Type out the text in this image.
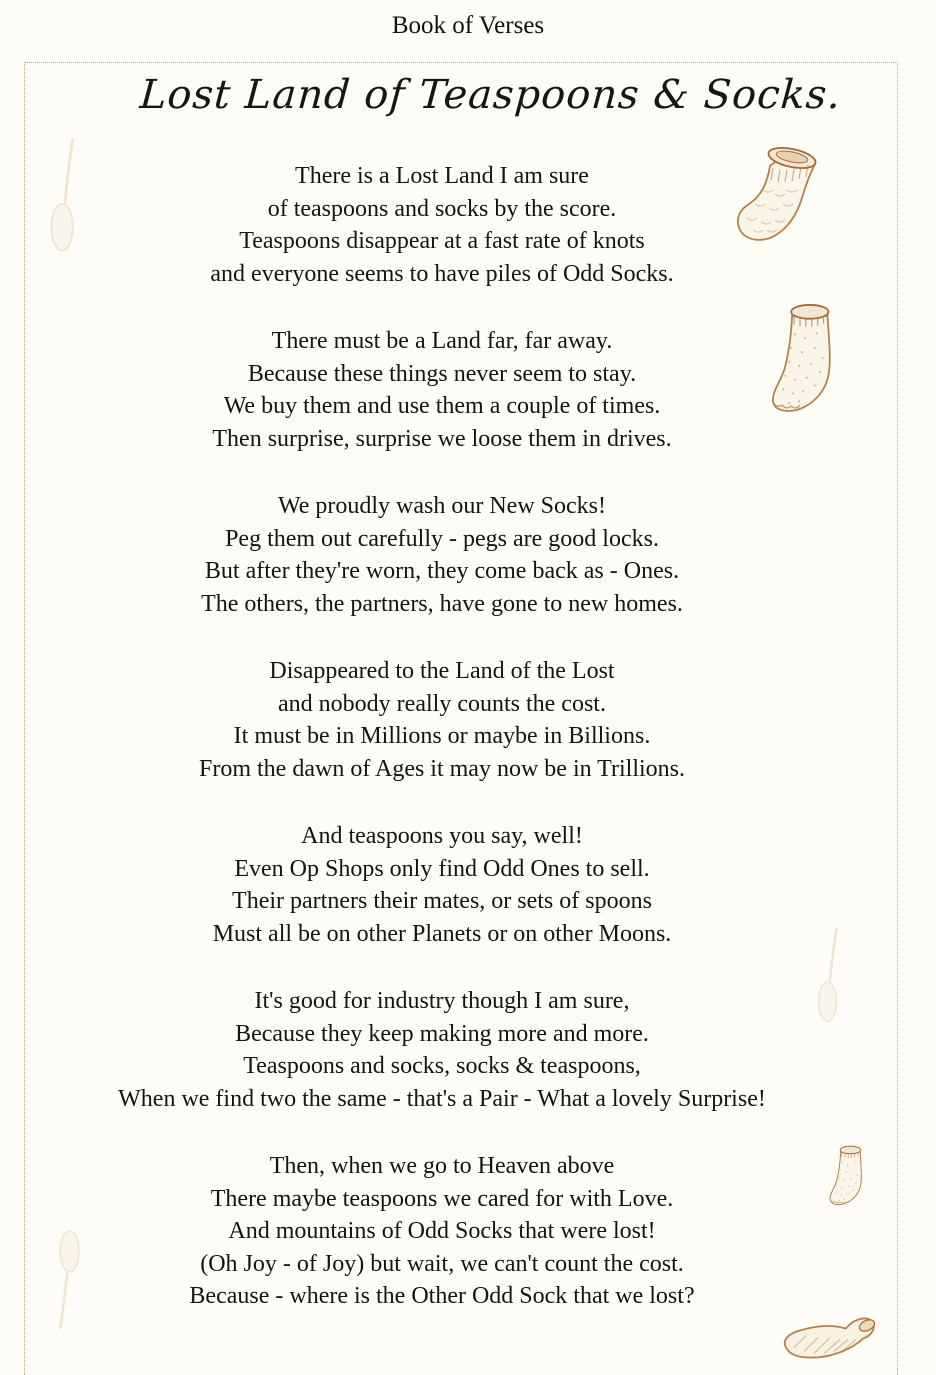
Book of Verses
Lost Land of Teaspoons & Socks.
There is a Lost Land I am sure
of teaspoons and socks by the score.
Teaspoons disappear at a fast rate of knots
and everyone seems to have piles of Odd Socks.
There must be a Land far, far away.
Because these things never seem to stay.
We buy them and use them a couple of times.
Then surprise, surprise we loose them in drives.
We proudly wash our New Socks!
Peg them out carefully - pegs are good locks.
But after they're worn, they come back as - Ones.
The others, the partners, have gone to new homes.
Disappeared to the Land of the Lost
and nobody really counts the cost.
It must be in Millions or maybe in Billions.
From the dawn of Ages it may now be in Trillions.
And teaspoons you say, well!
Even Op Shops only find Odd Ones to sell.
Their partners their mates, or sets of spoons
Must all be on other Planets or on other Moons.
It's good for industry though I am sure,
Because they keep making more and more.
Teaspoons and socks, socks & teaspoons,
When we find two the same - that's a Pair - What a lovely Surprise!
Then, when we go to Heaven above
There maybe teaspoons we cared for with Love.
And mountains of Odd Socks that were lost!
(Oh Joy - of Joy) but wait, we can't count the cost.
Because - where is the Other Odd Sock that we lost?
